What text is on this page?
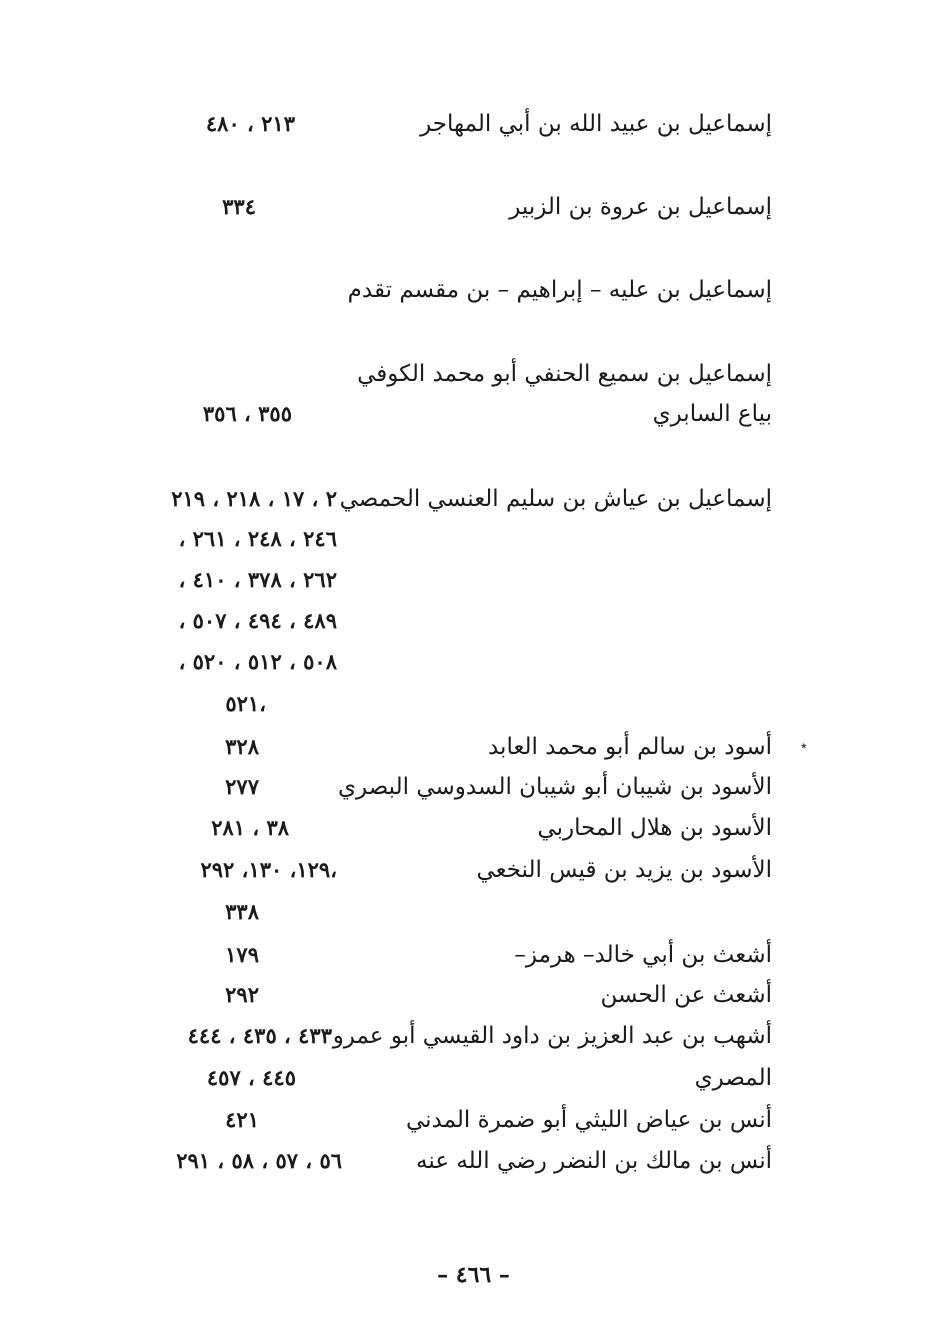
إسماعيل بن عبيد الله بن أبي المهاجر
٢١٣ ، ٤٨٠
إسماعيل بن عروة بن الزبير
٣٣٤
إسماعيل بن عليه – إبراهيم – بن مقسم تقدم
إسماعيل بن سميع الحنفي أبو محمد الكوفي
بياع السابري
٣٥٥ ، ٣٥٦
إسماعيل بن عياش بن سليم العنسي الحمصي
٢ ، ١٧ ، ٢١٨ ، ٢١٩
، ٢٤٦ ، ٢٤٨ ، ٢٦١
، ٢٦٢ ، ٣٧٨ ، ٤١٠
، ٤٨٩ ، ٤٩٤ ، ٥٠٧
، ٥٠٨ ، ٥١٢ ، ٥٢٠
٥٢١،
٭
أسود بن سالم أبو محمد العابد
٣٢٨
الأسود بن شيبان أبو شيبان السدوسي البصري
٢٧٧
الأسود بن هلال المحاربي
٣٨ ، ٢٨١
الأسود بن يزيد بن قيس النخعي
١٢٩، ١٣٠، ٢٩٢،
٣٣٨
أشعث بن أبي خالد– هرمز–
١٧٩
أشعث عن الحسن
٢٩٢
أشهب بن عبد العزيز بن داود القيسي أبو عمرو
٤٣٣ ، ٤٣٥ ، ٤٤٤
المصري
٤٤٥ ، ٤٥٧
أنس بن عياض الليثي أبو ضمرة المدني
٤٢١
أنس بن مالك بن النضر رضي الله عنه
٥٦ ، ٥٧ ، ٥٨ ، ٢٩١
– ٤٦٦ –
